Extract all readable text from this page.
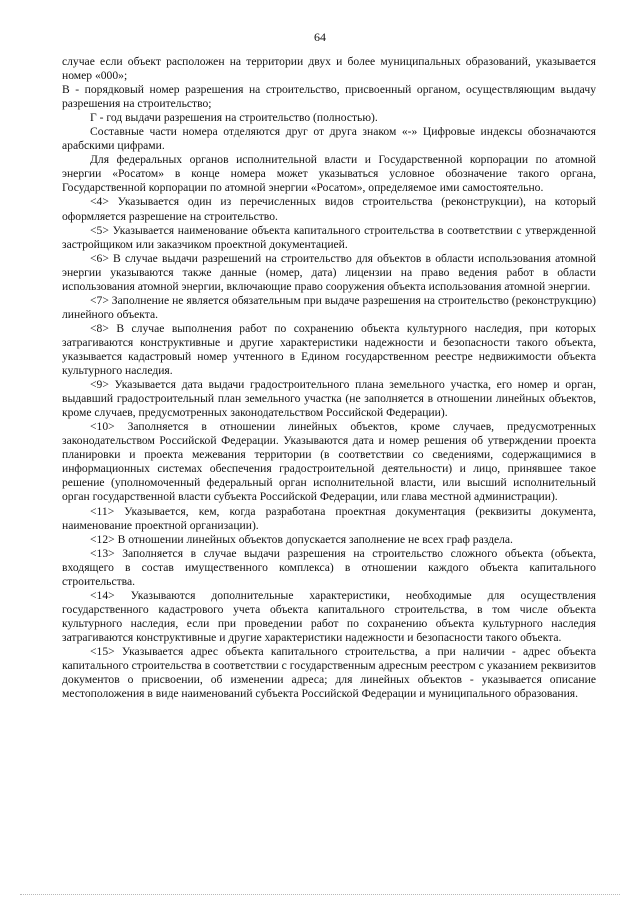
64

случае если объект расположен на территории двух и более муниципальных образований, указывается номер «000»;

В - порядковый номер разрешения на строительство, присвоенный органом, осуществляющим выдачу разрешения на строительство;

Г - год выдачи разрешения на строительство (полностью).

Составные части номера отделяются друг от друга знаком «-» Цифровые индексы обозначаются арабскими цифрами.

Для федеральных органов исполнительной власти и Государственной корпорации по атомной энергии «Росатом» в конце номера может указываться условное обозначение такого органа, Государственной корпорации по атомной энергии «Росатом», определяемое ими самостоятельно.

<4> Указывается один из перечисленных видов строительства (реконструкции), на который оформляется разрешение на строительство.

<5> Указывается наименование объекта капитального строительства в соответствии с утвержденной застройщиком или заказчиком проектной документацией.

<6> В случае выдачи разрешений на строительство для объектов в области использования атомной энергии указываются также данные (номер, дата) лицензии на право ведения работ в области использования атомной энергии, включающие право сооружения объекта использования атомной энергии.

<7> Заполнение не является обязательным при выдаче разрешения на строительство (реконструкцию) линейного объекта.

<8> В случае выполнения работ по сохранению объекта культурного наследия, при которых затрагиваются конструктивные и другие характеристики надежности и безопасности такого объекта, указывается кадастровый номер учтенного в Едином государственном реестре недвижимости объекта культурного наследия.

<9> Указывается дата выдачи градостроительного плана земельного участка, его номер и орган, выдавший градостроительный план земельного участка (не заполняется в отношении линейных объектов, кроме случаев, предусмотренных законодательством Российской Федерации).

<10> Заполняется в отношении линейных объектов, кроме случаев, предусмотренных законодательством Российской Федерации. Указываются дата и номер решения об утверждении проекта планировки и проекта межевания территории (в соответствии со сведениями, содержащимися в информационных системах обеспечения градостроительной деятельности) и лицо, принявшее такое решение (уполномоченный федеральный орган исполнительной власти, или высший исполнительный орган государственной власти субъекта Российской Федерации, или глава местной администрации).

<11> Указывается, кем, когда разработана проектная документация (реквизиты документа, наименование проектной организации).

<12> В отношении линейных объектов допускается заполнение не всех граф раздела.

<13> Заполняется в случае выдачи разрешения на строительство сложного объекта (объекта, входящего в состав имущественного комплекса) в отношении каждого объекта капитального строительства.

<14> Указываются дополнительные характеристики, необходимые для осуществления государственного кадастрового учета объекта капитального строительства, в том числе объекта культурного наследия, если при проведении работ по сохранению объекта культурного наследия затрагиваются конструктивные и другие характеристики надежности и безопасности такого объекта.

<15> Указывается адрес объекта капитального строительства, а при наличии - адрес объекта капитального строительства в соответствии с государственным адресным реестром с указанием реквизитов документов о присвоении, об изменении адреса; для линейных объектов - указывается описание местоположения в виде наименований субъекта Российской Федерации и муниципального образования.
